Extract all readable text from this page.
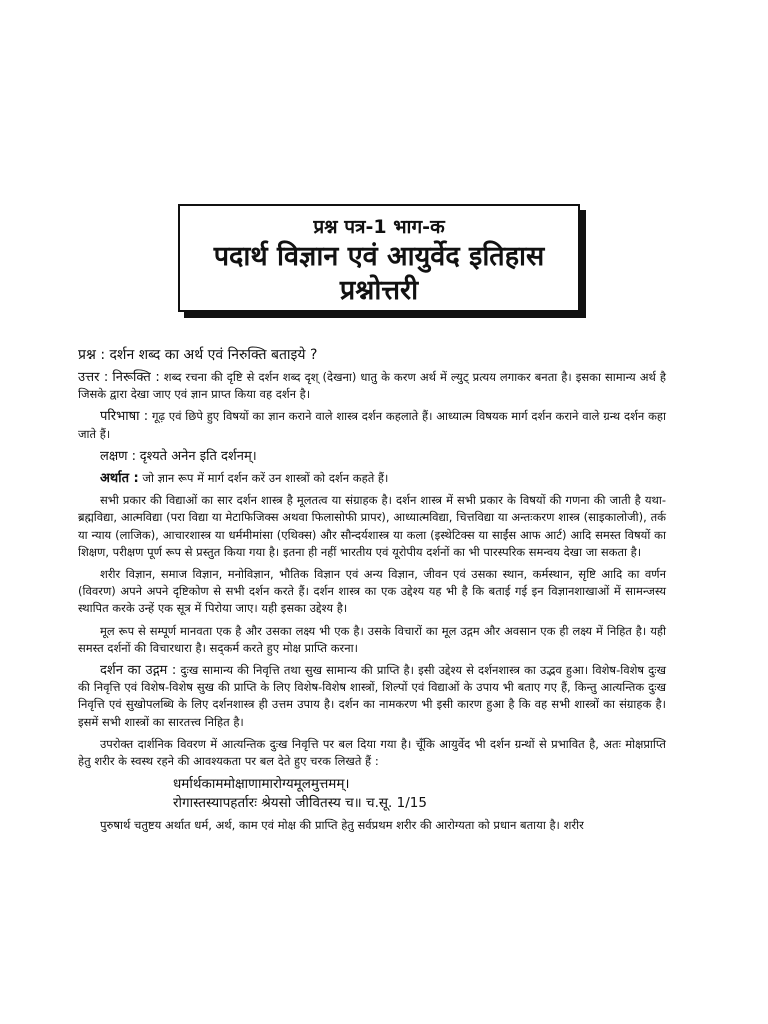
प्रश्न पत्र-1 भाग-क
पदार्थ विज्ञान एवं आयुर्वेद इतिहास
प्रश्नोत्तरी

प्रश्न : दर्शन शब्द का अर्थ एवं निरुक्ति बताइये ?

उत्तर : निरूक्ति : शब्द रचना की दृष्टि से दर्शन शब्द दृश् (देखना) धातु के करण अर्थ में ल्युट् प्रत्यय लगाकर बनता है। इसका सामान्य अर्थ है जिसके द्वारा देखा जाए एवं ज्ञान प्राप्त किया वह दर्शन है।

परिभाषा : गूढ़ एवं छिपे हुए विषयों का ज्ञान कराने वाले शास्त्र दर्शन कहलाते हैं। आध्यात्म विषयक मार्ग दर्शन कराने वाले ग्रन्थ दर्शन कहा जाते हैं।

लक्षण : दृश्यते अनेन इति दर्शनम्।

अर्थात : जो ज्ञान रूप में मार्ग दर्शन करें उन शास्त्रों को दर्शन कहते हैं।

सभी प्रकार की विद्याओं का सार दर्शन शास्त्र है मूलतत्व या संग्राहक है। दर्शन शास्त्र में सभी प्रकार के विषयों की गणना की जाती है यथा-ब्रह्मविद्या, आत्मविद्या (परा विद्या या मेटाफिजिक्स अथवा फिलासोफी प्रापर), आध्यात्मविद्या, चित्तविद्या या अन्तःकरण शास्त्र (साइकालोजी), तर्क या न्याय (लाजिक), आचारशास्त्र या धर्ममीमांसा (एथिक्स) और सौन्दर्यशास्त्र या कला (इस्थेटिक्स या साईंस आफ आर्ट) आदि समस्त विषयों का शिक्षण, परीक्षण पूर्ण रूप से प्रस्तुत किया गया है। इतना ही नहीं भारतीय एवं यूरोपीय दर्शनों का भी पारस्परिक समन्वय देखा जा सकता है।

शरीर विज्ञान, समाज विज्ञान, मनोविज्ञान, भौतिक विज्ञान एवं अन्य विज्ञान, जीवन एवं उसका स्थान, कर्मस्थान, सृष्टि आदि का वर्णन (विवरण) अपने अपने दृष्टिकोण से सभी दर्शन करते हैं। दर्शन शास्त्र का एक उद्देश्य यह भी है कि बताई गई इन विज्ञानशाखाओं में सामन्जस्य स्थापित करके उन्हें एक सूत्र में पिरोया जाए। यही इसका उद्देश्य है।

मूल रूप से सम्पूर्ण मानवता एक है और उसका लक्ष्य भी एक है। उसके विचारों का मूल उद्गम और अवसान एक ही लक्ष्य में निहित है। यही समस्त दर्शनों की विचारधारा है। सद्कर्म करते हुए मोक्ष प्राप्ति करना।

दर्शन का उद्गम : दुःख सामान्य की निवृत्ति तथा सुख सामान्य की प्राप्ति है। इसी उद्देश्य से दर्शनशास्त्र का उद्भव हुआ। विशेष-विशेष दुःख की निवृत्ति एवं विशेष-विशेष सुख की प्राप्ति के लिए विशेष-विशेष शास्त्रों, शिल्पों एवं विद्याओं के उपाय भी बताए गए हैं, किन्तु आत्यन्तिक दुःख निवृत्ति एवं सुखोपलब्धि के लिए दर्शनशास्त्र ही उत्तम उपाय है। दर्शन का नामकरण भी इसी कारण हुआ है कि वह सभी शास्त्रों का संग्राहक है। इसमें सभी शास्त्रों का सारतत्त्व निहित है।

उपरोक्त दार्शनिक विवरण में आत्यन्तिक दुःख निवृत्ति पर बल दिया गया है। चूँकि आयुर्वेद भी दर्शन ग्रन्थों से प्रभावित है, अतः मोक्षप्राप्ति हेतु शरीर के स्वस्थ रहने की आवश्यकता पर बल देते हुए चरक लिखते हैं :

धर्मार्थकाममोक्षाणामारोग्यमूलमुत्तमम्।
रोगास्तस्यापहर्तारः श्रेयसो जीवितस्य च॥ च.सू. 1/15

पुरुषार्थ चतुष्टय अर्थात धर्म, अर्थ, काम एवं मोक्ष की प्राप्ति हेतु सर्वप्रथम शरीर की आरोग्यता को प्रधान बताया है। शरीर
